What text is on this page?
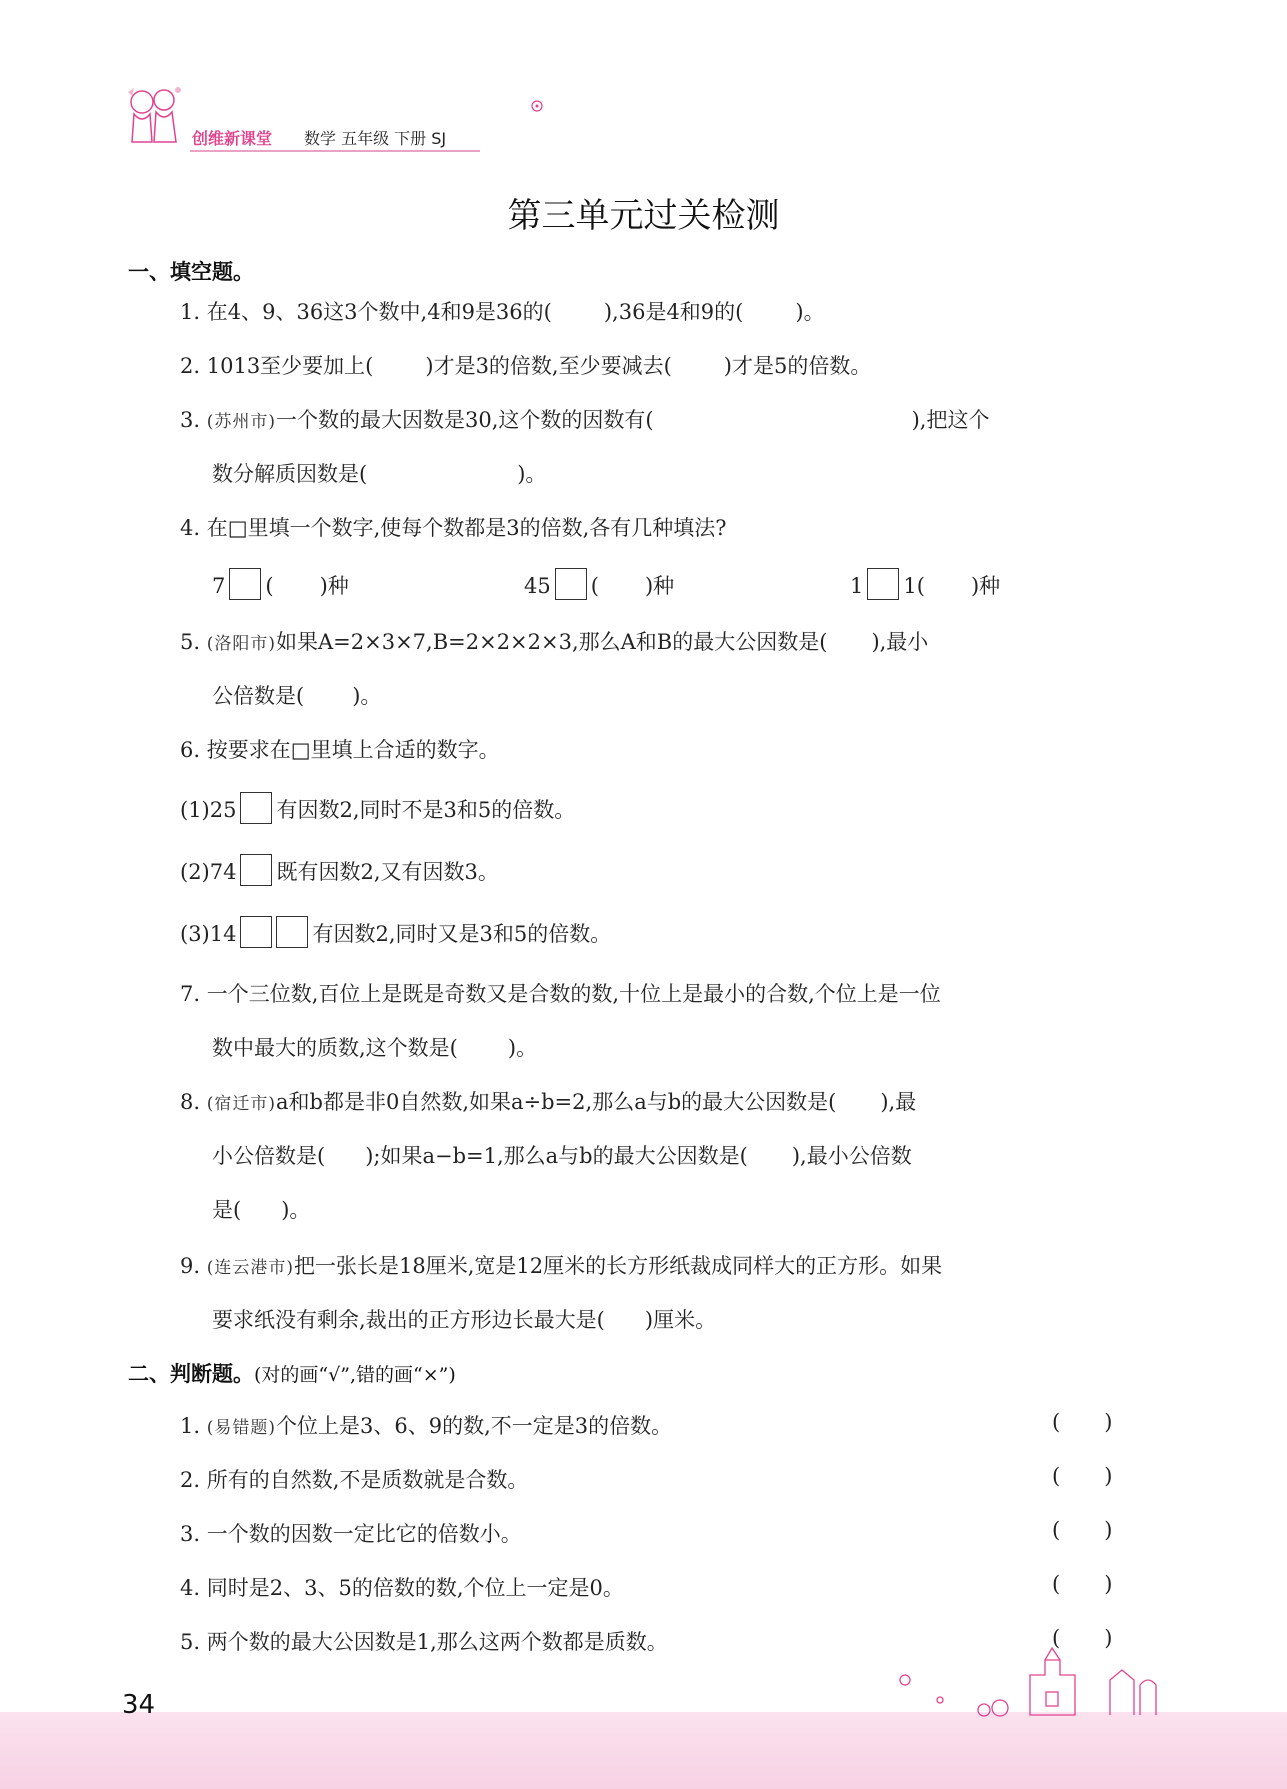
创维新课堂 数学 五年级 下册 SJ
第三单元过关检测
一、填空题。
1. 在4、9、36这3个数中,4和9是36的( ),36是4和9的( )。
2. 1013至少要加上( )才是3的倍数,至少要减去( )才是5的倍数。
3. (苏州市)一个数的最大因数是30,这个数的因数有(	),把这个
数分解质因数是(	)。
4. 在□里填一个数字,使每个数都是3的倍数,各有几种填法?
7 ( )种	45 ( )种	1 1( )种
5. (洛阳市)如果A=2×3×7,B=2×2×2×3,那么A和B的最大公因数是( ),最小
公倍数是( )。
6. 按要求在□里填上合适的数字。
(1)25 有因数2,同时不是3和5的倍数。
(2)74 既有因数2,又有因数3。
(3)14	有因数2,同时又是3和5的倍数。
7. 一个三位数,百位上是既是奇数又是合数的数,十位上是最小的合数,个位上是一位
数中最大的质数,这个数是( )。
8. (宿迁市)a和b都是非0自然数,如果a÷b=2,那么a与b的最大公因数是( ),最
小公倍数是( );如果a−b=1,那么a与b的最大公因数是( ),最小公倍数
是( )。
9. (连云港市)把一张长是18厘米,宽是12厘米的长方形纸裁成同样大的正方形。如果
要求纸没有剩余,裁出的正方形边长最大是( )厘米。
二、判断题。(对的画“√”,错的画“×”)
1. (易错题)个位上是3、6、9的数,不一定是3的倍数。	( )
2. 所有的自然数,不是质数就是合数。	( )
3. 一个数的因数一定比它的倍数小。	( )
4. 同时是2、3、5的倍数的数,个位上一定是0。	( )
5. 两个数的最大公因数是1,那么这两个数都是质数。	( )
34
